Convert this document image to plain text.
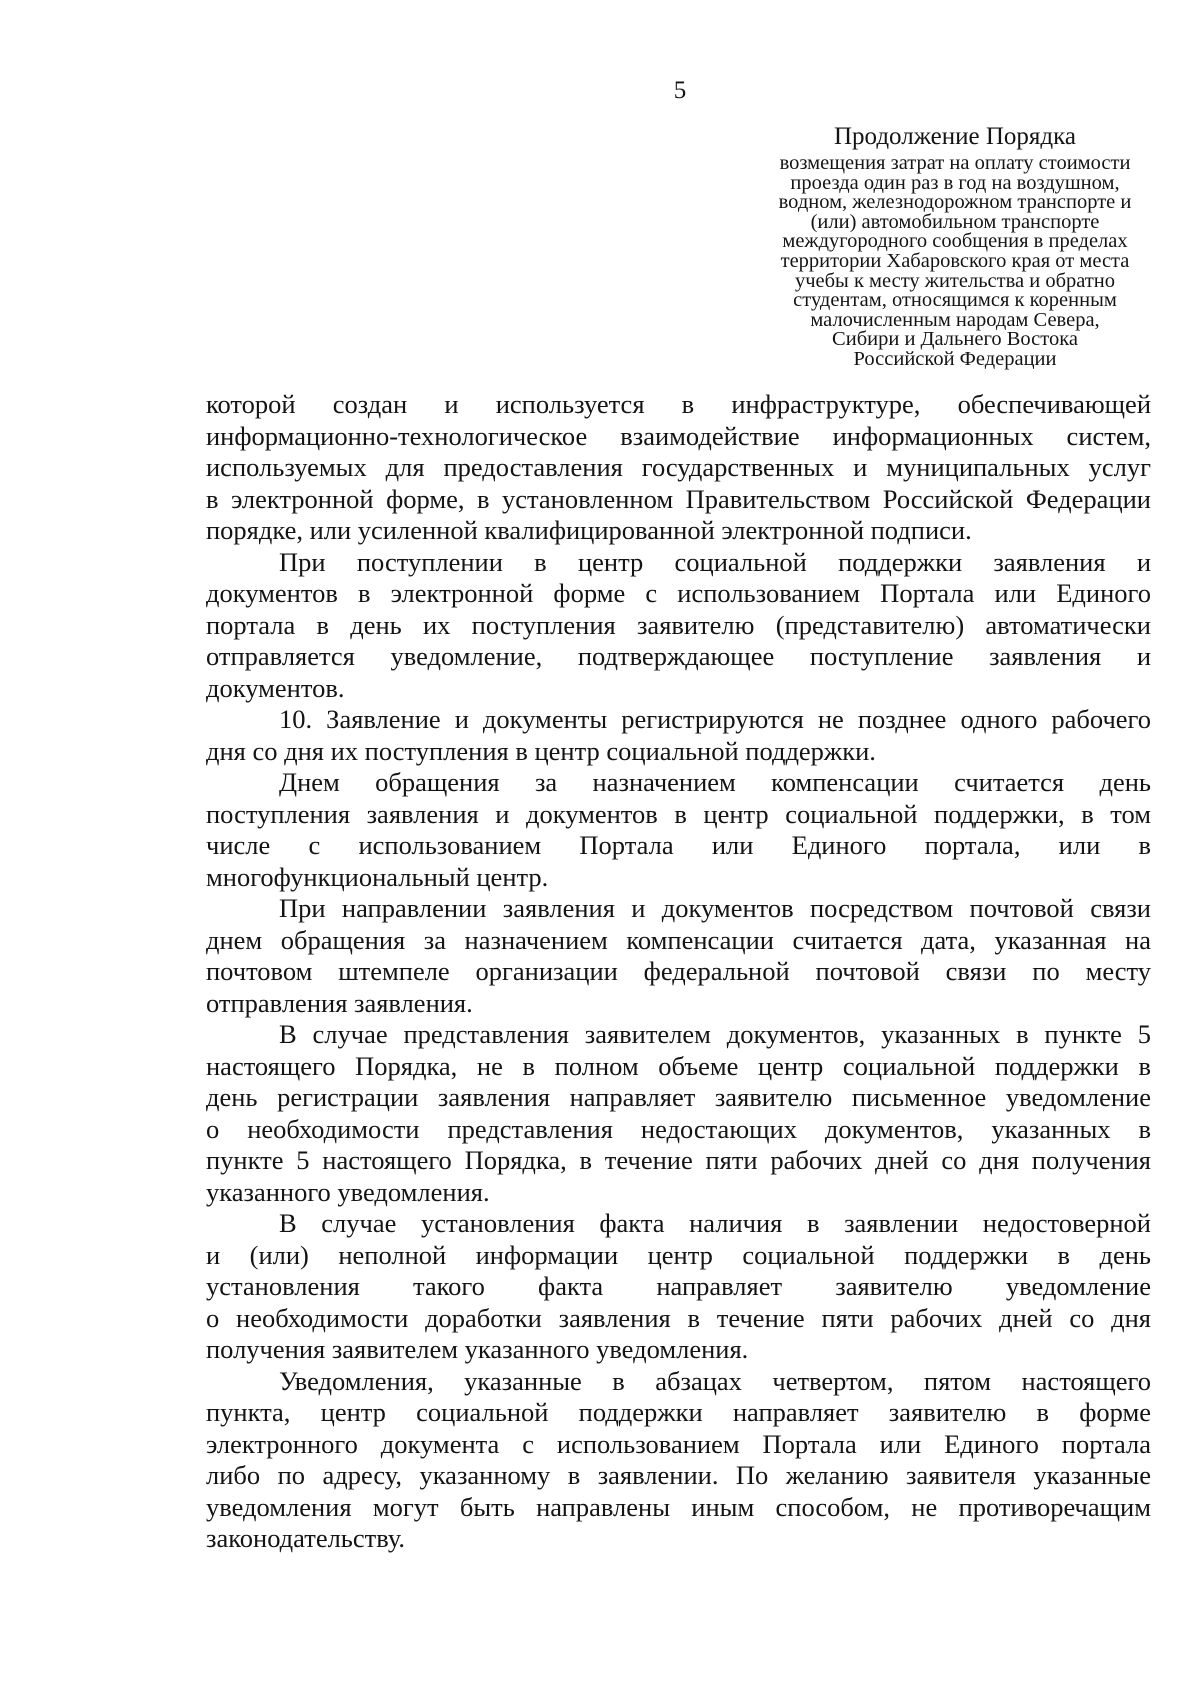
5
Продолжение Порядка
возмещения затрат на оплату стоимости
проезда один раз в год на воздушном,
водном, железнодорожном транспорте и
(или) автомобильном транспорте
междугородного сообщения в пределах
территории Хабаровского края от места
учебы к месту жительства и обратно
студентам, относящимся к коренным
малочисленным народам Севера,
Сибири и Дальнего Востока
Российской Федерации
которой создан и используется в инфраструктуре, обеспечивающей
информационно-технологическое взаимодействие информационных систем,
используемых для предоставления государственных и муниципальных услуг
в электронной форме, в установленном Правительством Российской Федерации
порядке, или усиленной квалифицированной электронной подписи.
При поступлении в центр социальной поддержки заявления и
документов в электронной форме с использованием Портала или Единого
портала в день их поступления заявителю (представителю) автоматически
отправляется уведомление, подтверждающее поступление заявления и
документов.
10. Заявление и документы регистрируются не позднее одного рабочего
дня со дня их поступления в центр социальной поддержки.
Днем обращения за назначением компенсации считается день
поступления заявления и документов в центр социальной поддержки, в том
числе с использованием Портала или Единого портала, или в
многофункциональный центр.
При направлении заявления и документов посредством почтовой связи
днем обращения за назначением компенсации считается дата, указанная на
почтовом штемпеле организации федеральной почтовой связи по месту
отправления заявления.
В случае представления заявителем документов, указанных в пункте 5
настоящего Порядка, не в полном объеме центр социальной поддержки в
день регистрации заявления направляет заявителю письменное уведомление
о необходимости представления недостающих документов, указанных в
пункте 5 настоящего Порядка, в течение пяти рабочих дней со дня получения
указанного уведомления.
В случае установления факта наличия в заявлении недостоверной
и (или) неполной информации центр социальной поддержки в день
установления такого факта направляет заявителю уведомление
о необходимости доработки заявления в течение пяти рабочих дней со дня
получения заявителем указанного уведомления.
Уведомления, указанные в абзацах четвертом, пятом настоящего
пункта, центр социальной поддержки направляет заявителю в форме
электронного документа с использованием Портала или Единого портала
либо по адресу, указанному в заявлении. По желанию заявителя указанные
уведомления могут быть направлены иным способом, не противоречащим
законодательству.
